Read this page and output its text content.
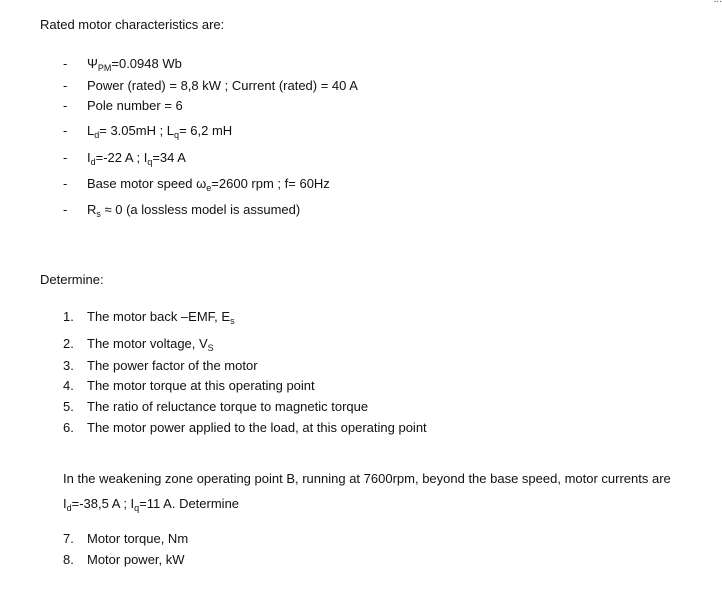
Rated motor characteristics are:
-	$\Psi_{PM}=0.0948$ Wb
-	Power (rated) = 8,8 kW ; Current (rated) = 40 A
-	Pole number = 6
-	$L_d= 3.05mH$ ; $L_q= 6,2$ mH
-	$I_d=-22$ A ; $I_q=34$ A
-	Base motor speed $\omega_e=2600$ rpm ; f= 60Hz
-	$R_s \approx 0$ (a lossless model is assumed)
Determine:
1. The motor back –EMF, $E_s$
2. The motor voltage, $V_S$
3. The power factor of the motor
4. The motor torque at this operating point
5. The ratio of reluctance torque to magnetic torque
6. The motor power applied to the load, at this operating point
In the weakening zone operating point B, running at 7600rpm, beyond the base speed, motor currents are
$I_d=-38,5$ A ; $I_q=11$ A. Determine
7. Motor torque, Nm
8. Motor power, kW
